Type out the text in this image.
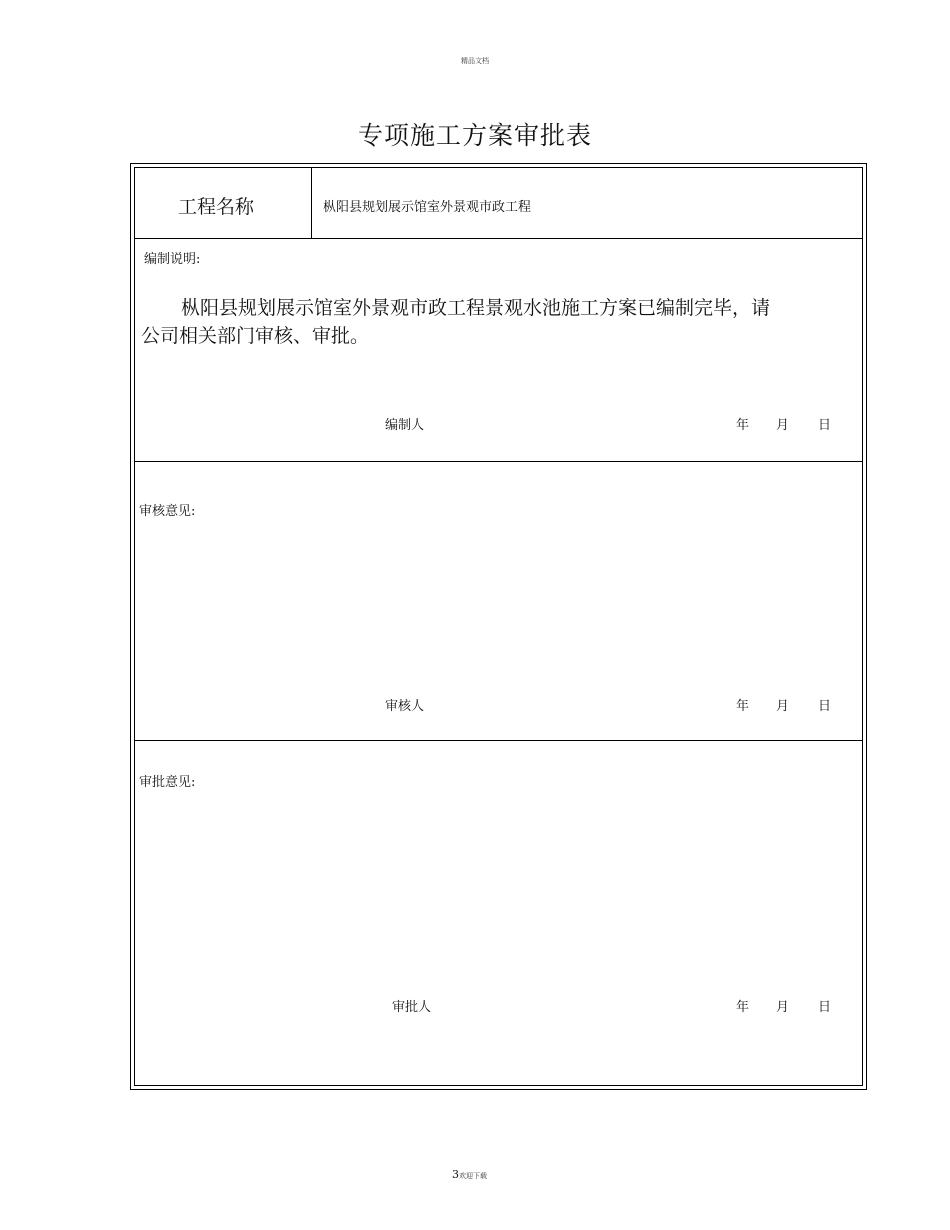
精品文档
专项施工方案审批表
工程名称	枞阳县规划展示馆室外景观市政工程
编制说明:
枞阳县规划展示馆室外景观市政工程景观水池施工方案已编制完毕，请
公司相关部门审核、审批。
编制人	年 月 日
审核意见:
审核人	年 月 日
审批意见:
审批人	年 月 日
3欢迎下载
